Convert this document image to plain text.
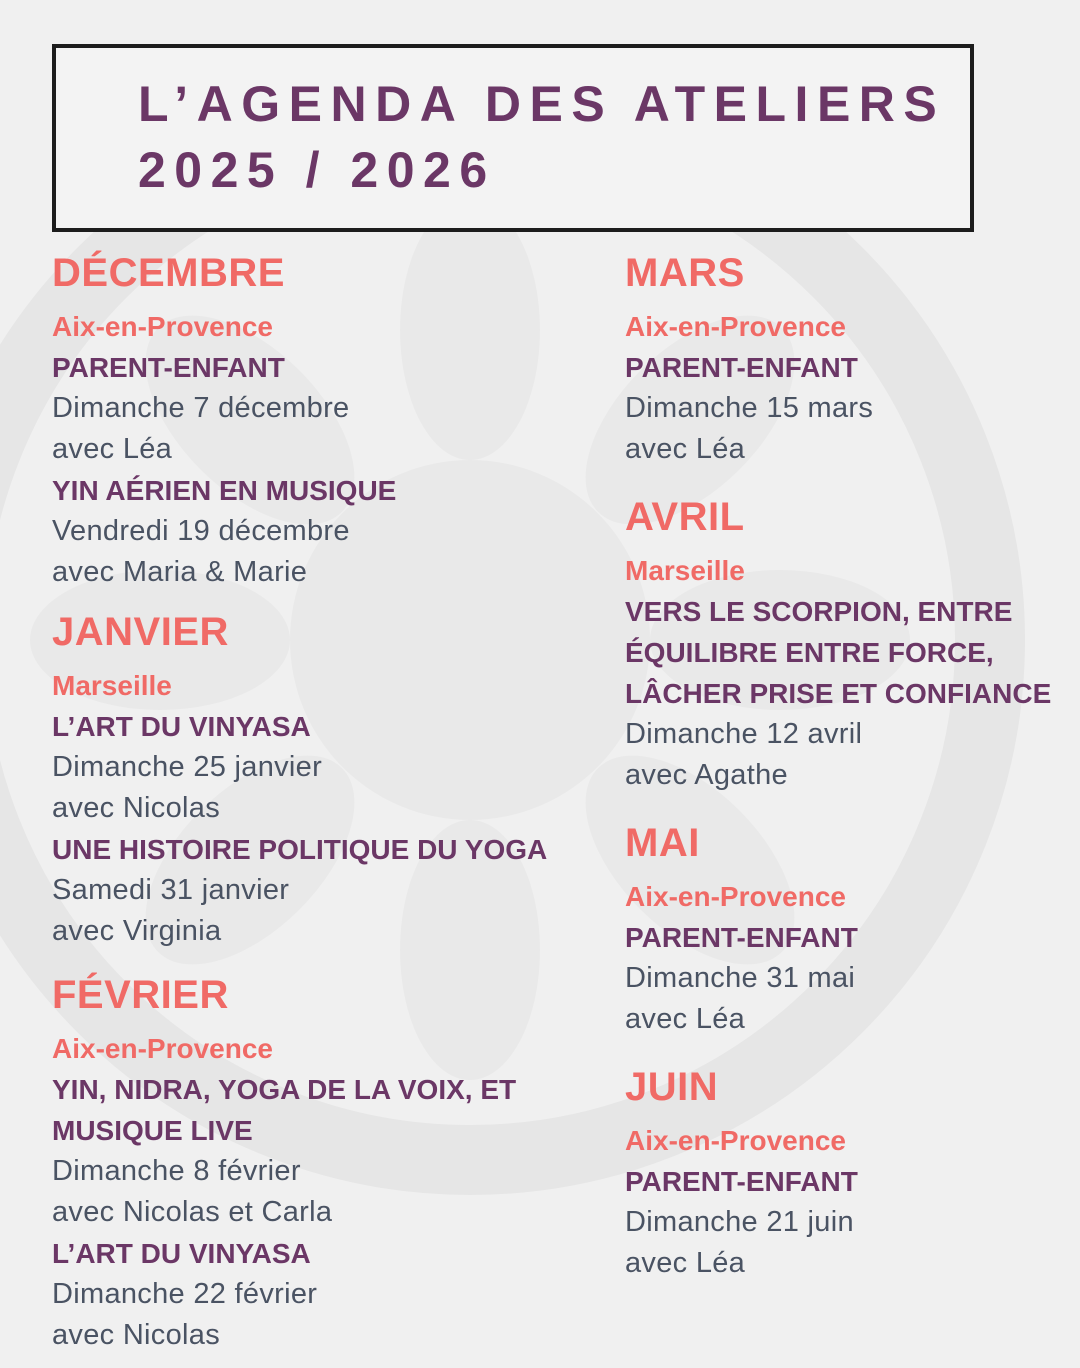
L’AGENDA DES ATELIERS
2025 / 2026
DÉCEMBRE
Aix-en-Provence
PARENT-ENFANT
Dimanche 7 décembre
avec Léa
YIN AÉRIEN EN MUSIQUE
Vendredi 19 décembre
avec Maria & Marie
JANVIER
Marseille
L’ART DU VINYASA
Dimanche 25 janvier
avec Nicolas
UNE HISTOIRE POLITIQUE DU YOGA
Samedi 31 janvier
avec Virginia
FÉVRIER
Aix-en-Provence
YIN, NIDRA, YOGA DE LA VOIX, ET
MUSIQUE LIVE
Dimanche 8 février
avec Nicolas et Carla
L’ART DU VINYASA
Dimanche 22 février
avec Nicolas
MARS
Aix-en-Provence
PARENT-ENFANT
Dimanche 15 mars
avec Léa
AVRIL
Marseille
VERS LE SCORPION, ENTRE
ÉQUILIBRE ENTRE FORCE,
LÂCHER PRISE ET CONFIANCE
Dimanche 12 avril
avec Agathe
MAI
Aix-en-Provence
PARENT-ENFANT
Dimanche 31 mai
avec Léa
JUIN
Aix-en-Provence
PARENT-ENFANT
Dimanche 21 juin
avec Léa
